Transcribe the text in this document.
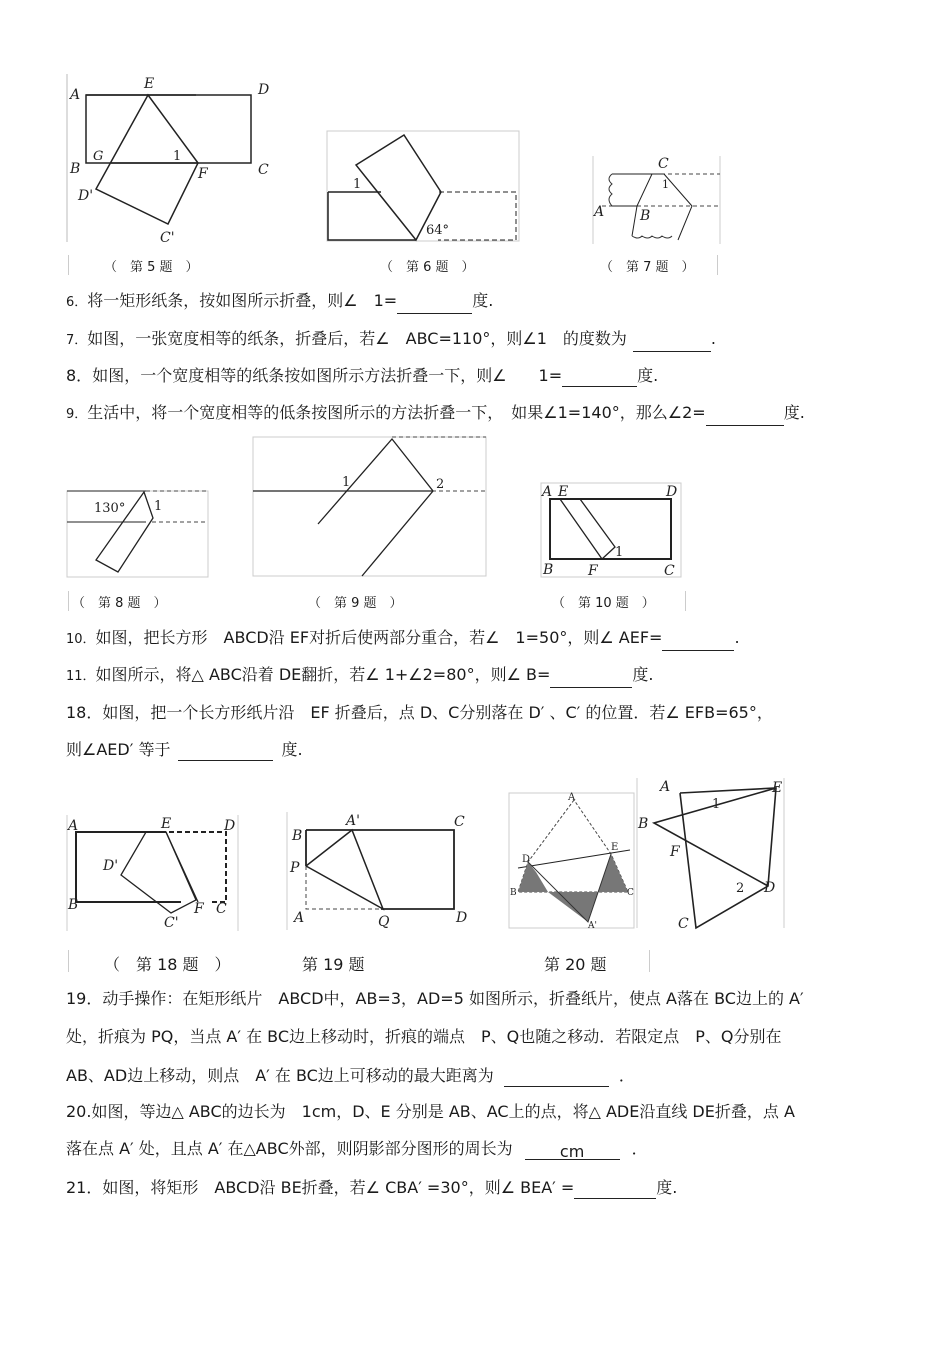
A
E	D
B
G	1
C
F
D'
C'
1
64°
C
1
A	B
（　第 5 题　）	（　第 6 题　）	（　第 7 题　）
6．将一矩形纸条，按如图所示折叠，则∠　1=	度.
7．如图，一张宽度相等的纸条，折叠后，若∠　ABC=110°，则∠1　的度数为	.
8．如图，一个宽度相等的纸条按如图所示方法折叠一下，则∠　　1=	度.
9．生活中，将一个宽度相等的低条按图所示的方法折叠一下，　如果∠1=140°，那么∠2=	度.
130° 1
1	2	A E	D
1
B F	C
（　第 8 题　）	（　第 9 题　）	（　第 10 题　）
10．如图，把长方形　ABCD沿 EF对折后使两部分重合，若∠　1=50°，则∠ AEF=	.
11．如图所示，将△ ABC沿着 DE翻折，若∠ 1+∠2=80°，则∠ B=	度.
18．如图，把一个长方形纸片沿　EF 折叠后，点 D、C分别落在 D′ 、C′ 的位置．若∠ EFB=65°，
则∠AED′ 等于	度.
A	E	D
D'
B
C'
F C
B
A'	C
P
A	Q	D
A
D
E
B	C
A'
A
1
E
B
F
2 D
C
（　第 18 题　）	第 19 题	第 20 题
19．动手操作：在矩形纸片　ABCD中，AB=3，AD=5 如图所示，折叠纸片，使点 A落在 BC边上的 A′
处，折痕为 PQ，当点 A′ 在 BC边上移动时，折痕的端点　P、Q也随之移动．若限定点　P、Q分别在
AB、AD边上移动，则点　A′ 在 BC边上可移动的最大距离为	．
20.如图，等边△ ABC的边长为　1cm，D、E 分别是 AB、AC上的点，将△ ADE沿直线 DE折叠，点 A
落在点 A′ 处，且点 A′ 在△ABC外部，则阴影部分图形的周长为	cm	．
21．如图，将矩形　ABCD沿 BE折叠，若∠ CBA′ =30°，则∠ BEA′ =	度.
